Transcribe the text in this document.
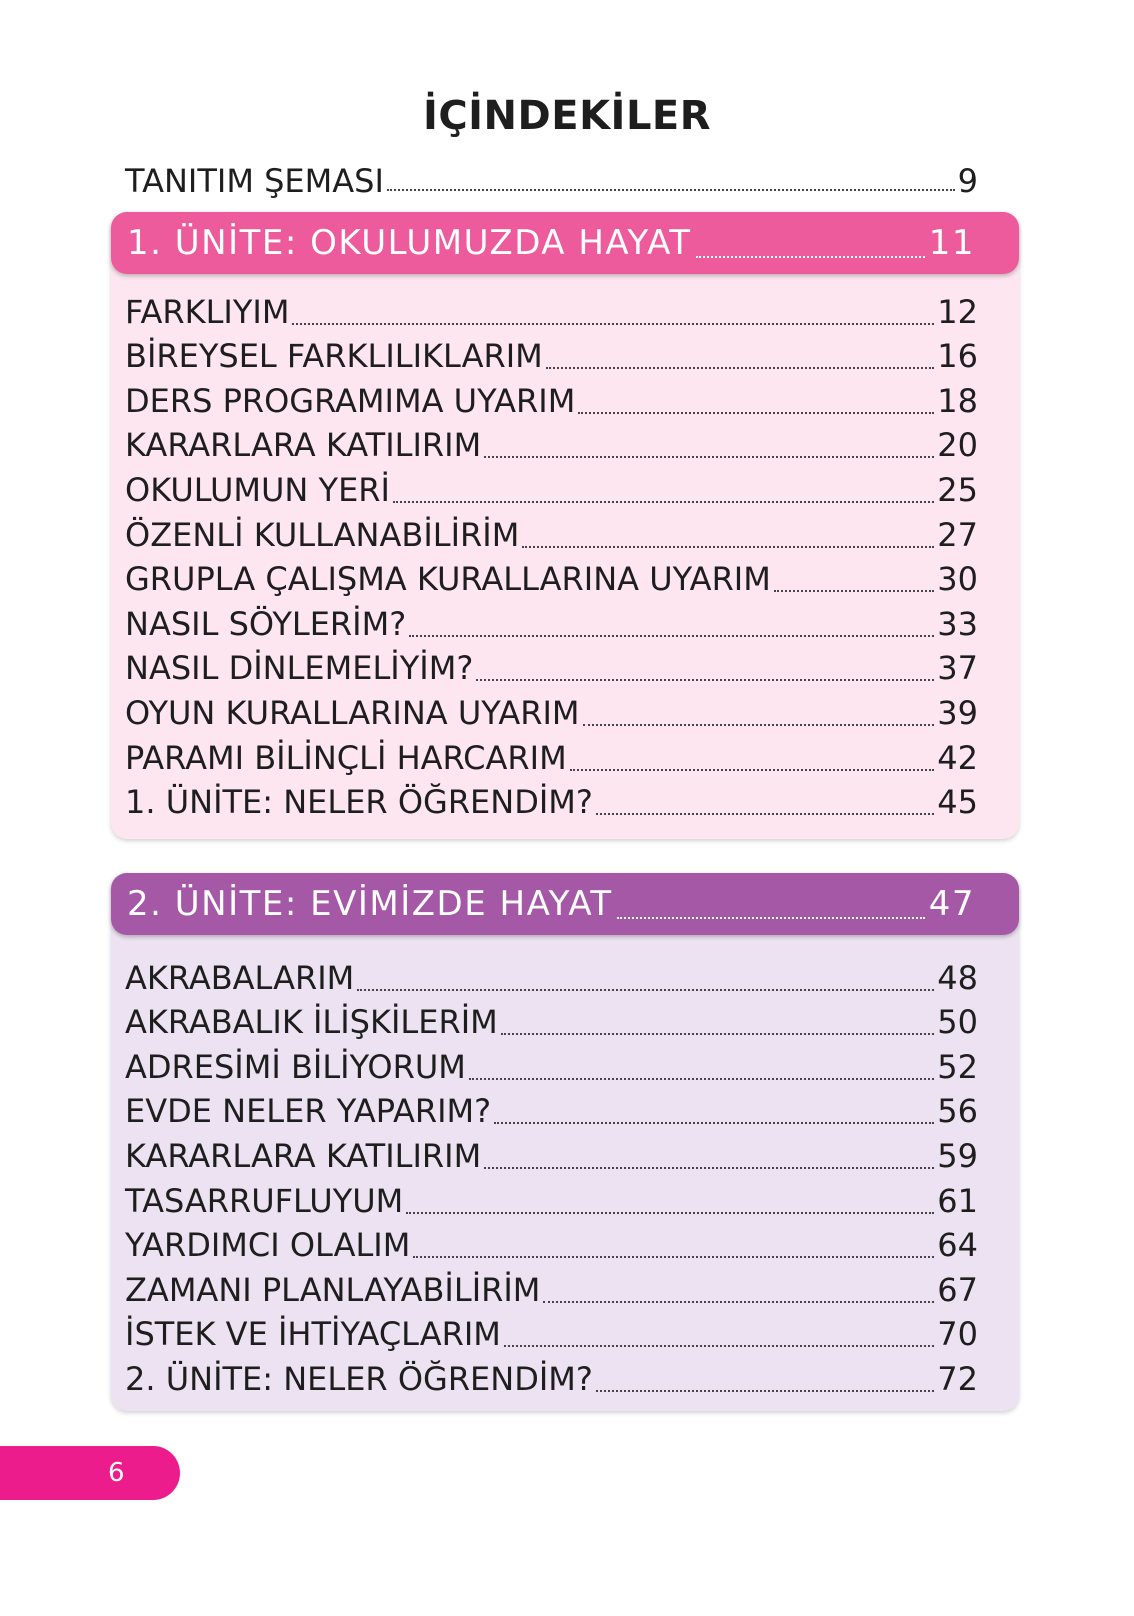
İÇİNDEKİLER
TANITIM ŞEMASI	9
1. ÜNİTE: OKULUMUZDA HAYAT	11
FARKLIYIM	12
BİREYSEL FARKLILIKLARIM	16
DERS PROGRAMIMA UYARIM	18
KARARLARA KATILIRIM	20
OKULUMUN YERİ	25
ÖZENLİ KULLANABİLİRİM	27
GRUPLA ÇALIŞMA KURALLARINA UYARIM	30
NASIL SÖYLERİM?	33
NASIL DİNLEMELİYİM?	37
OYUN KURALLARINA UYARIM	39
PARAMI BİLİNÇLİ HARCARIM	42
1. ÜNİTE: NELER ÖĞRENDİM?	45
2. ÜNİTE: EVİMİZDE HAYAT	47
AKRABALARIM	48
AKRABALIK İLİŞKİLERİM	50
ADRESİMİ BİLİYORUM	52
EVDE NELER YAPARIM?	56
KARARLARA KATILIRIM	59
TASARRUFLUYUM	61
YARDIMCI OLALIM	64
ZAMANI PLANLAYABİLİRİM	67
İSTEK VE İHTİYAÇLARIM	70
2. ÜNİTE: NELER ÖĞRENDİM?	72
6
